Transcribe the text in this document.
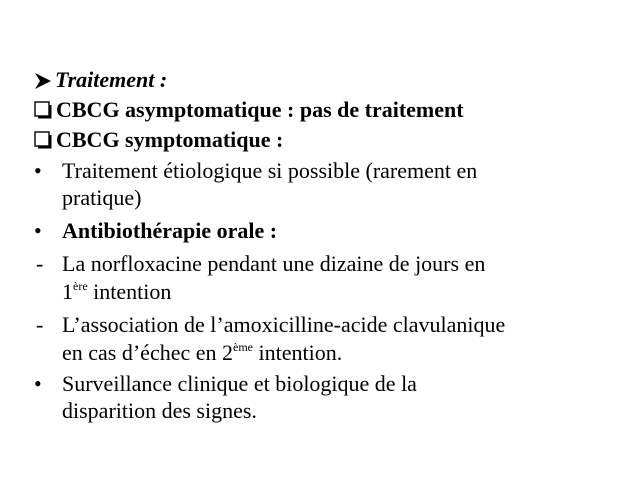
Traitement :
CBCG asymptomatique : pas de traitement
CBCG symptomatique :
• Traitement étiologique si possible (rarement en
pratique)
• Antibiothérapie orale :
- La norfloxacine pendant une dizaine de jours en
1ère intention
- L’association de l’amoxicilline-acide clavulanique
en cas d’échec en 2ème intention.
• Surveillance clinique et biologique de la
disparition des signes.
